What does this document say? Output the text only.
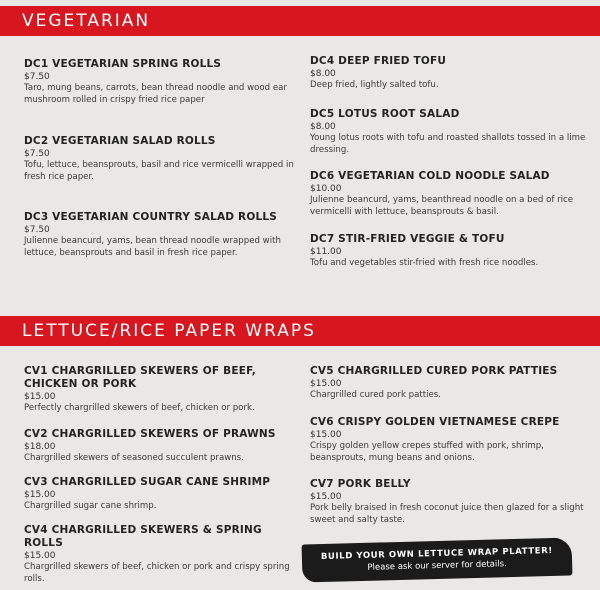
VEGETARIAN
DC1 VEGETARIAN SPRING ROLLS
$7.50
Taro, mung beans, carrots, bean thread noodle and wood ear mushroom rolled in crispy fried rice paper
DC2 VEGETARIAN SALAD ROLLS
$7.50
Tofu, lettuce, beansprouts, basil and rice vermicelli wrapped in fresh rice paper.
DC3 VEGETARIAN COUNTRY SALAD ROLLS
$7.50
Julienne beancurd, yams, bean thread noodle wrapped with lettuce, beansprouts and basil in fresh rice paper.
DC4 DEEP FRIED TOFU
$8.00
Deep fried, lightly salted tofu.
DC5 LOTUS ROOT SALAD
$8.00
Young lotus roots with tofu and roasted shallots tossed in a lime dressing.
DC6 VEGETARIAN COLD NOODLE SALAD
$10.00
Julienne beancurd, yams, beanthread noodle on a bed of rice vermicelli with lettuce, beansprouts & basil.
DC7 STIR-FRIED VEGGIE & TOFU
$11.00
Tofu and vegetables stir-fried with fresh rice noodles.
LETTUCE/RICE PAPER WRAPS
CV1 CHARGRILLED SKEWERS OF BEEF, CHICKEN OR PORK
$15.00
Perfectly chargrilled skewers of beef, chicken or pork.
CV2 CHARGRILLED SKEWERS OF PRAWNS
$18.00
Chargrilled skewers of seasoned succulent prawns.
CV3 CHARGRILLED SUGAR CANE SHRIMP
$15.00
Chargrilled sugar cane shrimp.
CV4 CHARGRILLED SKEWERS & SPRING ROLLS
$15.00
Chargrilled skewers of beef, chicken or pork and crispy spring rolls.
CV5 CHARGRILLED CURED PORK PATTIES
$15.00
Chargrilled cured pork patties.
CV6 CRISPY GOLDEN VIETNAMESE CREPE
$15.00
Crispy golden yellow crepes stuffed with pork, shrimp, beansprouts, mung beans and onions.
CV7 PORK BELLY
$15.00
Pork belly braised in fresh coconut juice then glazed for a slight sweet and salty taste.
BUILD YOUR OWN LETTUCE WRAP PLATTER!
Please ask our server for details.
